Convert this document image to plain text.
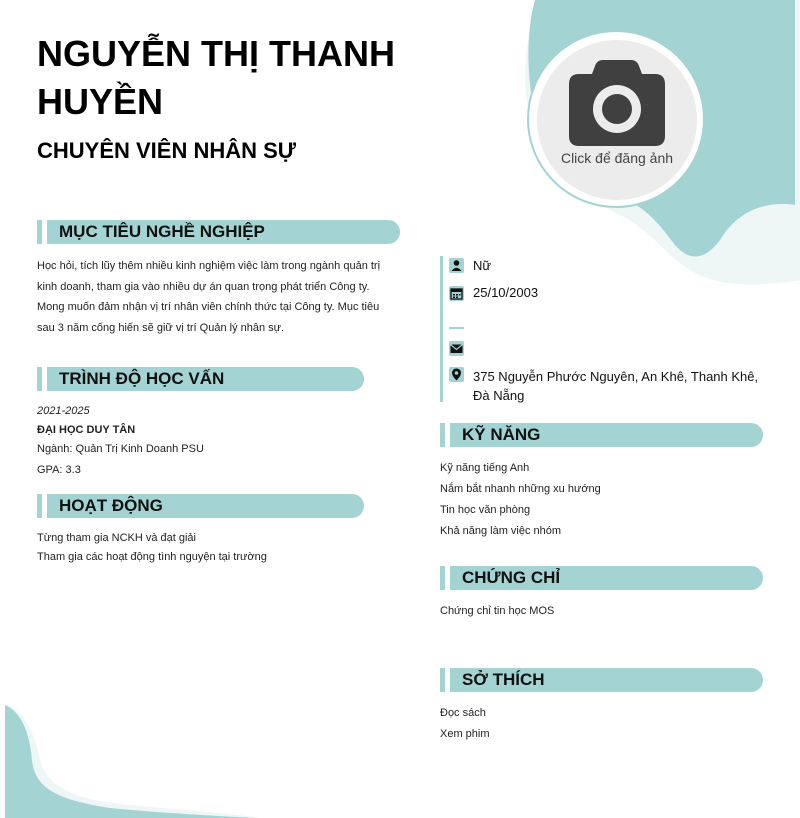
NGUYỄN THỊ THANH HUYỀN
CHUYÊN VIÊN NHÂN SỰ	Click để đăng ảnh
MỤC TIÊU NGHỀ NGHIỆP
Học hỏi, tích lũy thêm nhiều kinh nghiệm việc làm trong ngành quản trị kinh doanh, tham gia vào nhiều dự án quan trọng phát triển Công ty. Mong muốn đảm nhận vị trí nhân viên chính thức tại Công ty. Mục tiêu sau 3 năm cống hiến sẽ giữ vị trí Quản lý nhân sự.
TRÌNH ĐỘ HỌC VẤN
2021-2025
ĐẠI HỌC DUY TÂN
Ngành: Quản Trị Kinh Doanh PSU
GPA: 3.3
HOẠT ĐỘNG
Từng tham gia NCKH và đạt giải
Tham gia các hoạt động tình nguyện tại trường
Nữ
25/10/2003
375 Nguyễn Phước Nguyên, An Khê, Thanh Khê, Đà Nẵng
KỸ NĂNG
Kỹ năng tiếng Anh
Nắm bắt nhanh những xu hướng
Tin học văn phòng
Khả năng làm việc nhóm
CHỨNG CHỈ
Chứng chỉ tin học MOS
SỞ THÍCH
Đọc sách
Xem phim
